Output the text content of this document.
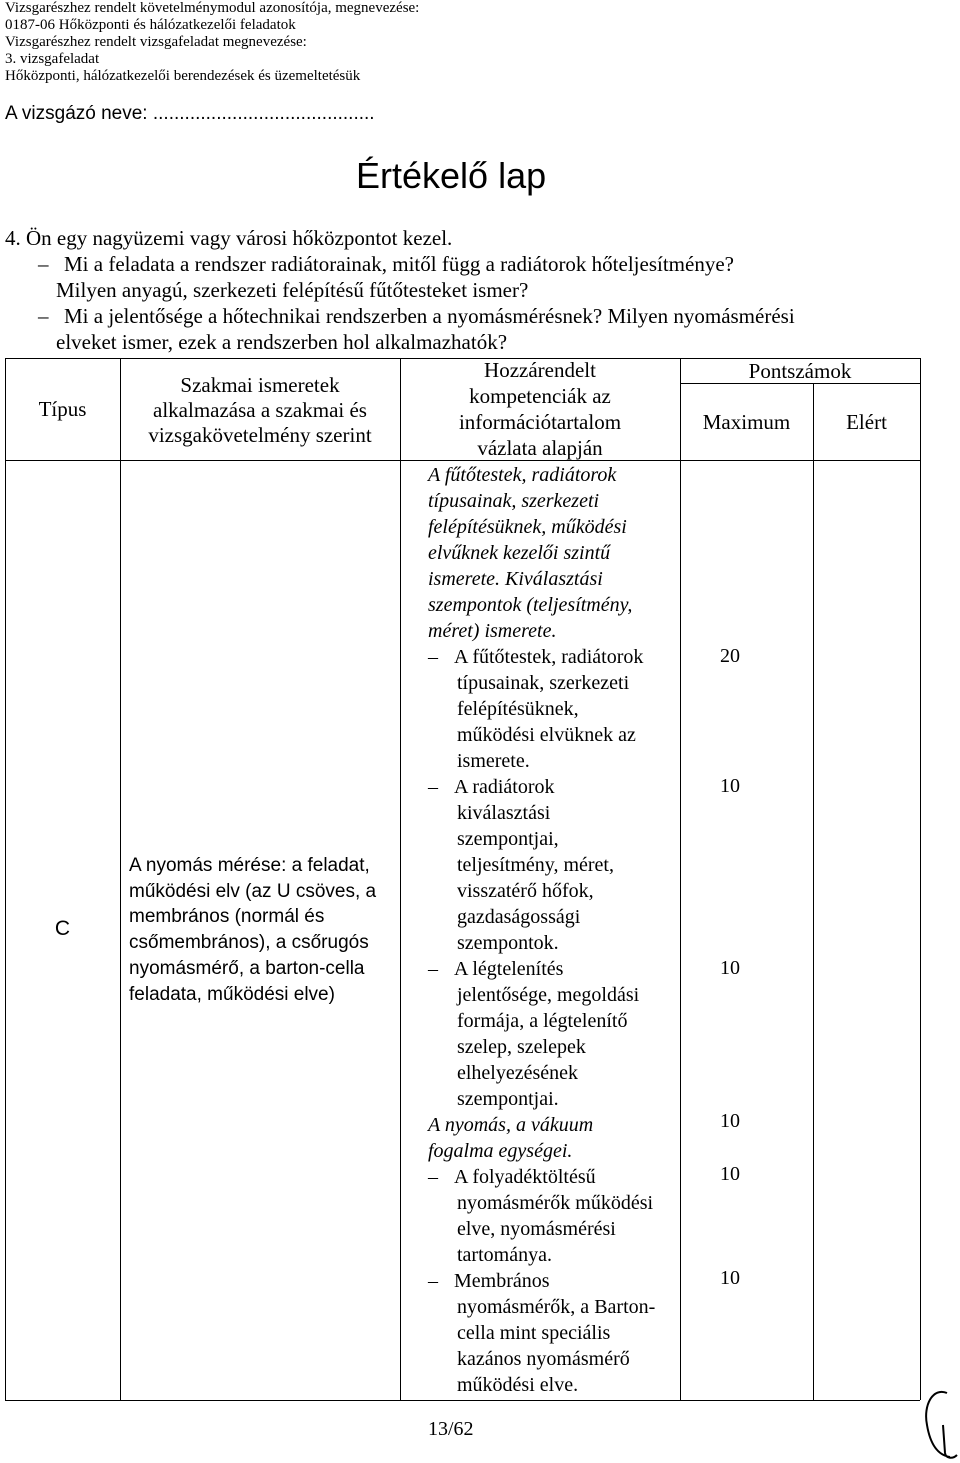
Vizsgarészhez rendelt követelménymodul azonosítója, megnevezése:
0187-06 Hőközponti és hálózatkezelői feladatok
Vizsgarészhez rendelt vizsgafeladat megnevezése:
3. vizsgafeladat
Hőközponti, hálózatkezelői berendezések és üzemeltetésük
A vizsgázó neve: ..........................................
Értékelő lap
4. Ön egy nagyüzemi vagy városi hőközpontot kezel.
– Mi a feladata a rendszer radiátorainak, mitől függ a radiátorok hőteljesítménye?
Milyen anyagú, szerkezeti felépítésű fűtőtesteket ismer?
– Mi a jelentősége a hőtechnikai rendszerben a nyomásmérésnek? Milyen nyomásmérési
elveket ismer, ezek a rendszerben hol alkalmazhatók?
Típus
Szakmai ismeretek
alkalmazása a szakmai és
vizsgakövetelmény szerint
Hozzárendelt
kompetenciák az
információtartalom
vázlata alapján
Pontszámok
Maximum	Elért
C
A nyomás mérése: a feladat,
működési elv (az U csöves, a
membrános (normál és
csőmembrános), a csőrugós
nyomásmérő, a barton-cella
feladata, működési elve)
A fűtőtestek, radiátorok
típusainak, szerkezeti
felépítésüknek, működési
elvűknek kezelői szintű
ismerete. Kiválasztási
szempontok (teljesítmény,
méret) ismerete.
– A fűtőtestek, radiátorok
típusainak, szerkezeti
felépítésüknek,
működési elvüknek az
ismerete.
– A radiátorok
kiválasztási
szempontjai,
teljesítmény, méret,
visszatérő hőfok,
gazdaságossági
szempontok.
– A légtelenítés
jelentősége, megoldási
formája, a légtelenítő
szelep, szelepek
elhelyezésének
szempontjai.
A nyomás, a vákuum
fogalma egységei.
– A folyadéktöltésű
nyomásmérők működési
elve, nyomásmérési
tartománya.
– Membrános
nyomásmérők, a Barton-
cella mint speciális
kazános nyomásmérő
működési elve.
20
10
10
10
10
10
13/62
